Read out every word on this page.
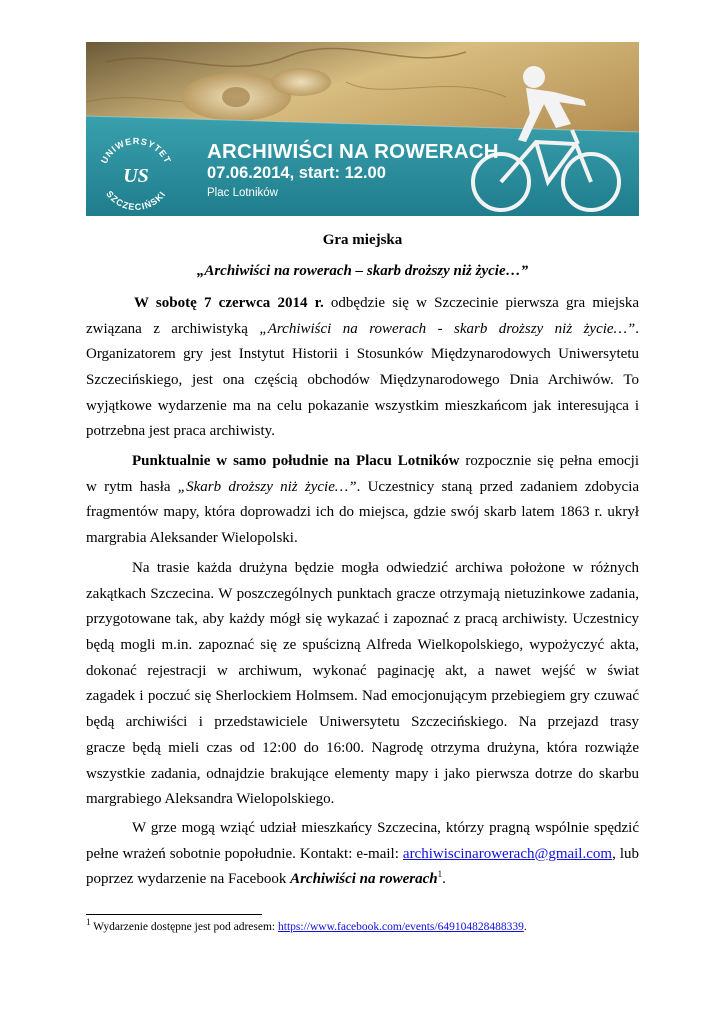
UNIWERSYTET
SZCZECIŃSKI
US
ARCHIWIŚCI NA ROWERACH
07.06.2014, start: 12.00
Plac Lotników
Gra miejska
„Archiwiści na rowerach – skarb droższy niż życie…”
W sobotę 7 czerwca 2014 r. odbędzie się w Szczecinie pierwsza gra miejska
związana z archiwistyką „Archiwiści na rowerach - skarb droższy niż życie…”.
Organizatorem gry jest Instytut Historii i Stosunków Międzynarodowych Uniwersytetu
Szczecińskiego, jest ona częścią obchodów Międzynarodowego Dnia Archiwów. To
wyjątkowe wydarzenie ma na celu pokazanie wszystkim mieszkańcom jak interesująca i
potrzebna jest praca archiwisty.
Punktualnie w samo południe na Placu Lotników rozpocznie się pełna emocji
w rytm hasła „Skarb droższy niż życie…”. Uczestnicy staną przed zadaniem zdobycia
fragmentów mapy, która doprowadzi ich do miejsca, gdzie swój skarb latem 1863 r. ukrył
margrabia Aleksander Wielopolski.
Na trasie każda drużyna będzie mogła odwiedzić archiwa położone w różnych
zakątkach Szczecina. W poszczególnych punktach gracze otrzymają nietuzinkowe zadania,
przygotowane tak, aby każdy mógł się wykazać i zapoznać z pracą archiwisty. Uczestnicy
będą mogli m.in. zapoznać się ze spuścizną Alfreda Wielkopolskiego, wypożyczyć akta,
dokonać rejestracji w archiwum, wykonać paginację akt, a nawet wejść w świat
zagadek i poczuć się Sherlockiem Holmsem. Nad emocjonującym przebiegiem gry czuwać
będą archiwiści i przedstawiciele Uniwersytetu Szczecińskiego. Na przejazd trasy
gracze będą mieli czas od 12:00 do 16:00. Nagrodę otrzyma drużyna, która rozwiąże
wszystkie zadania, odnajdzie brakujące elementy mapy i jako pierwsza dotrze do skarbu
margrabiego Aleksandra Wielopolskiego.
W grze mogą wziąć udział mieszkańcy Szczecina, którzy pragną wspólnie spędzić
pełne wrażeń sobotnie popołudnie. Kontakt: e-mail: archiwiscinarowerach@gmail.com, lub
poprzez wydarzenie na Facebook Archiwiści na rowerach$^1$.
$^1$ Wydarzenie dostępne jest pod adresem: https://www.facebook.com/events/649104828488339.
